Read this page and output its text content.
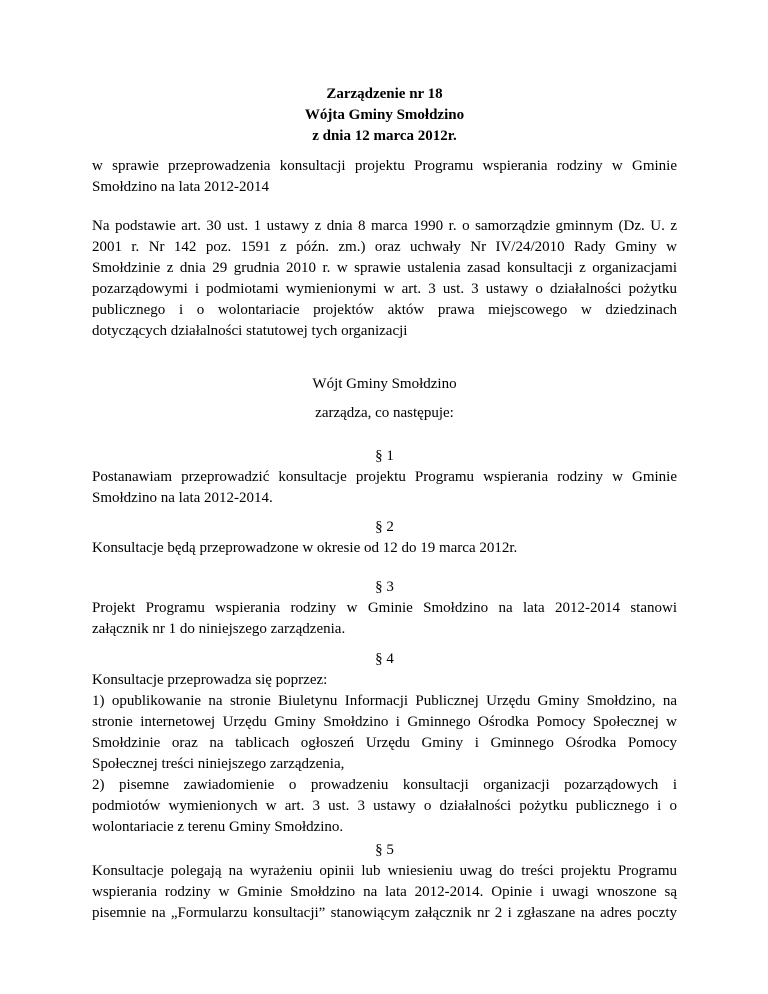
Zarządzenie nr 18
Wójta Gminy Smołdzino
z dnia 12 marca 2012r.
w sprawie przeprowadzenia konsultacji projektu Programu wspierania rodziny w Gminie
Smołdzino na lata 2012-2014
Na podstawie art. 30 ust. 1 ustawy z dnia 8 marca 1990 r. o samorządzie gminnym (Dz. U. z
2001 r. Nr 142 poz. 1591 z późn. zm.) oraz uchwały Nr IV/24/2010 Rady Gminy w
Smołdzinie z dnia 29 grudnia 2010 r. w sprawie ustalenia zasad konsultacji z organizacjami
pozarządowymi i podmiotami wymienionymi w art. 3 ust. 3 ustawy o działalności pożytku
publicznego i o wolontariacie projektów aktów prawa miejscowego w dziedzinach
dotyczących działalności statutowej tych organizacji
Wójt Gminy Smołdzino
zarządza, co następuje:
§ 1
Postanawiam przeprowadzić konsultacje projektu Programu wspierania rodziny w Gminie
Smołdzino na lata 2012-2014.
§ 2
Konsultacje będą przeprowadzone w okresie od 12 do 19 marca 2012r.
§ 3
Projekt Programu wspierania rodziny w Gminie Smołdzino na lata 2012-2014 stanowi
załącznik nr 1 do niniejszego zarządzenia.
§ 4
Konsultacje przeprowadza się poprzez:
1) opublikowanie na stronie Biuletynu Informacji Publicznej Urzędu Gminy Smołdzino, na
stronie internetowej Urzędu Gminy Smołdzino i Gminnego Ośrodka Pomocy Społecznej w
Smołdzinie oraz na tablicach ogłoszeń Urzędu Gminy i Gminnego Ośrodka Pomocy
Społecznej treści niniejszego zarządzenia,
2) pisemne zawiadomienie o prowadzeniu konsultacji organizacji pozarządowych i
podmiotów wymienionych w art. 3 ust. 3 ustawy o działalności pożytku publicznego i o
wolontariacie z terenu Gminy Smołdzino.
§ 5
Konsultacje polegają na wyrażeniu opinii lub wniesieniu uwag do treści projektu Programu
wspierania rodziny w Gminie Smołdzino na lata 2012-2014. Opinie i uwagi wnoszone są
pisemnie na „Formularzu konsultacji” stanowiącym załącznik nr 2 i zgłaszane na adres poczty
